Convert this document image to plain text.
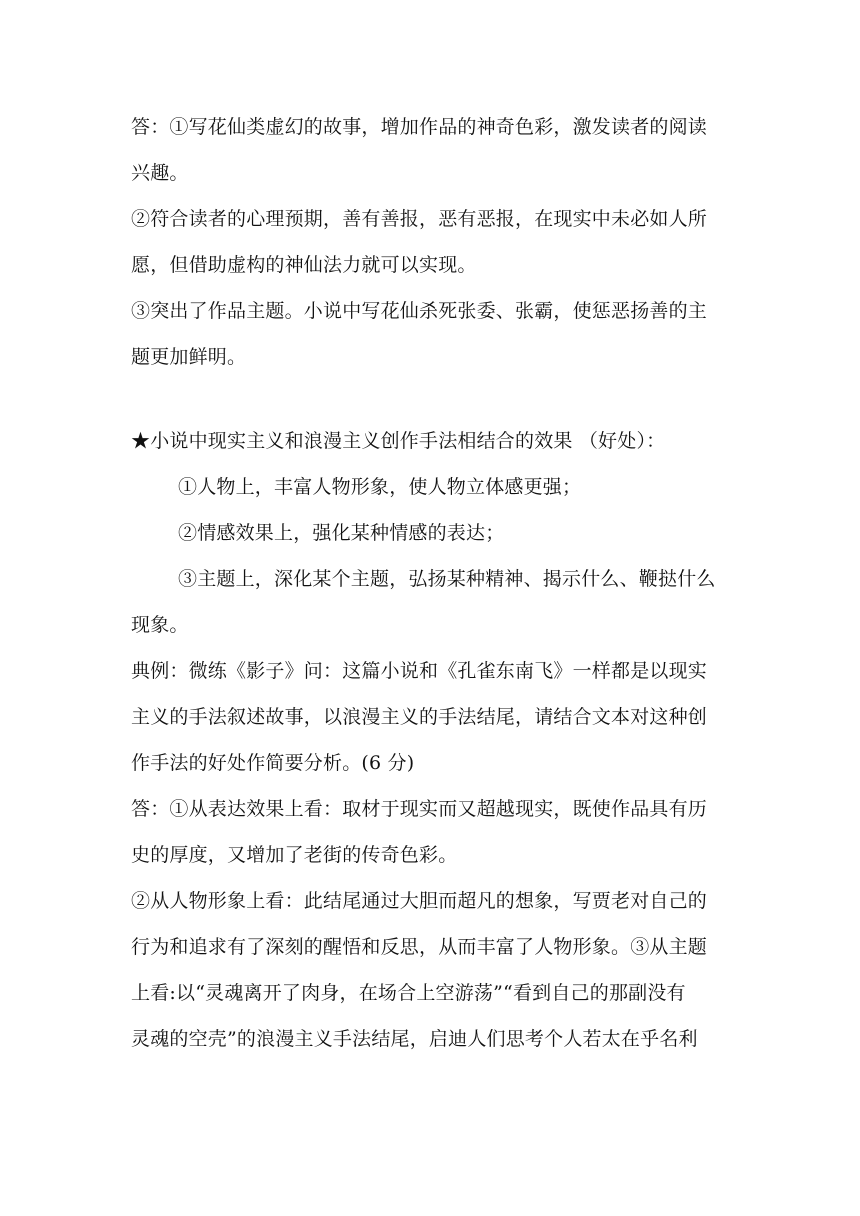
答：①写花仙类虚幻的故事，增加作品的神奇色彩，激发读者的阅读
兴趣。
②符合读者的心理预期，善有善报，恶有恶报，在现实中未必如人所
愿，但借助虚构的神仙法力就可以实现。
③突出了作品主题。小说中写花仙杀死张委、张霸，使惩恶扬善的主
题更加鲜明。
★小说中现实主义和浪漫主义创作手法相结合的效果 （好处）：
①人物上，丰富人物形象，使人物立体感更强；
②情感效果上，强化某种情感的表达；
③主题上，深化某个主题，弘扬某种精神、揭示什么、鞭挞什么
现象。
典例：微练《影子》问：这篇小说和《孔雀东南飞》一样都是以现实
主义的手法叙述故事，以浪漫主义的手法结尾，请结合文本对这种创
作手法的好处作简要分析。(6 分)
答：①从表达效果上看：取材于现实而又超越现实，既使作品具有历
史的厚度，又增加了老街的传奇色彩。
②从人物形象上看：此结尾通过大胆而超凡的想象，写贾老对自己的
行为和追求有了深刻的醒悟和反思，从而丰富了人物形象。③从主题
上看:以“灵魂离开了肉身，在场合上空游荡”“看到自己的那副没有
灵魂的空壳”的浪漫主义手法结尾，启迪人们思考个人若太在乎名利
